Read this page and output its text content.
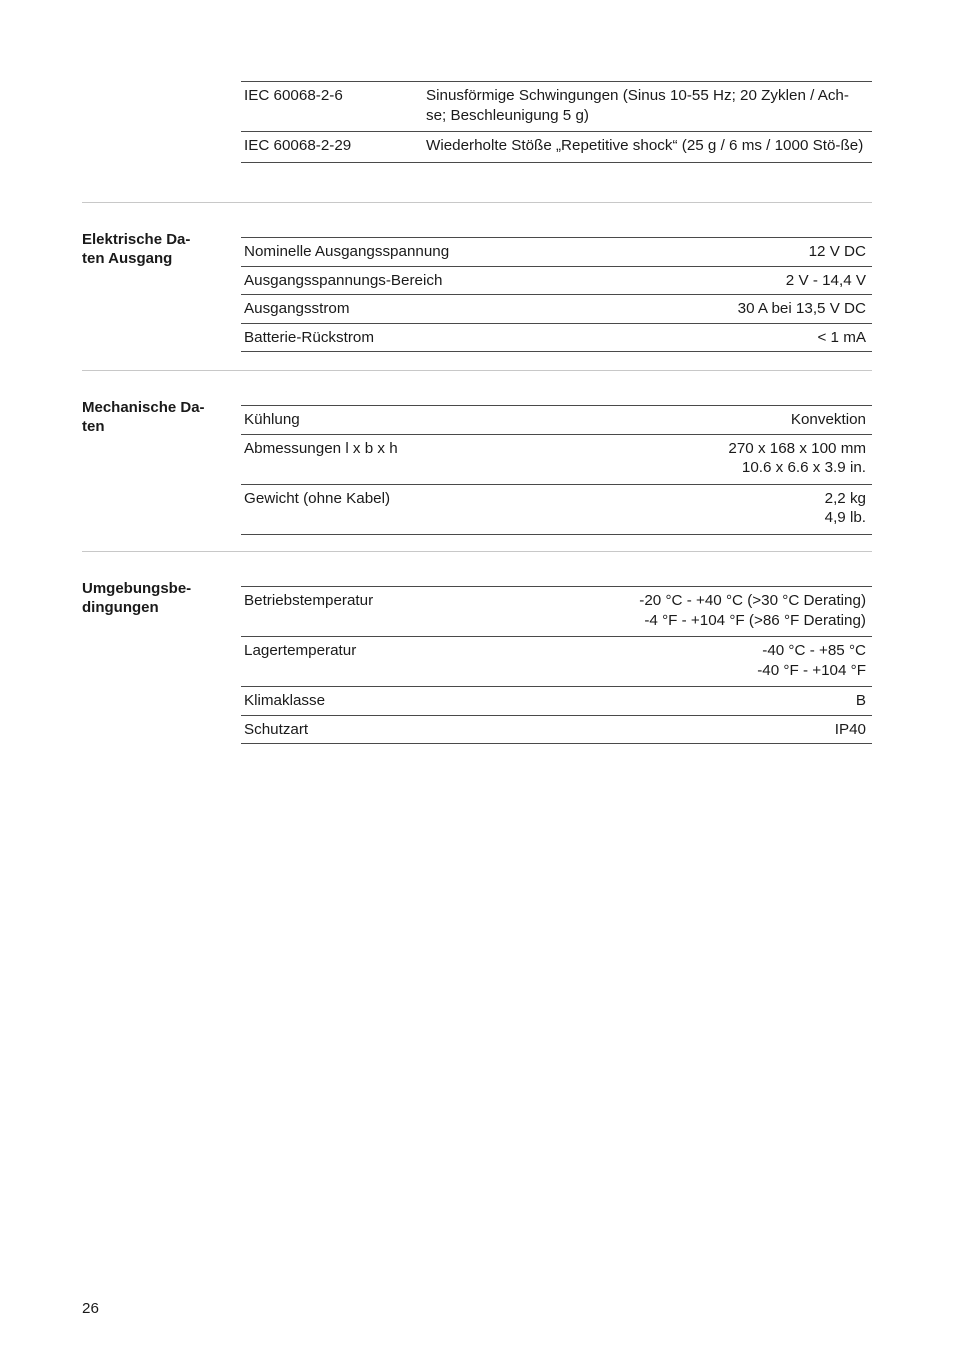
IEC 60068-2-6	Sinusförmige Schwingungen (Sinus 10-55 Hz; 20 Zyklen / Ach-se; Beschleunigung 5 g)
IEC 60068-2-29	Wiederholte Stöße „Repetitive shock“ (25 g / 6 ms / 1000 Stö-ße)
Elektrische Da-
ten Ausgang	Nominelle Ausgangsspannung	12 V DC
Ausgangsspannungs-Bereich	2 V - 14,4 V
Ausgangsstrom	30 A bei 13,5 V DC
Batterie-Rückstrom	< 1 mA
Mechanische Da-
ten	Kühlung	Konvektion
Abmessungen l x b x h	270 x 168 x 100 mm
10.6 x 6.6 x 3.9 in.
Gewicht (ohne Kabel)	2,2 kg
4,9 lb.
Umgebungsbe-
dingungen	Betriebstemperatur	-20 °C - +40 °C (>30 °C Derating)
-4 °F - +104 °F (>86 °F Derating)
Lagertemperatur	-40 °C - +85 °C
-40 °F - +104 °F
Klimaklasse	B
Schutzart	IP40
26
